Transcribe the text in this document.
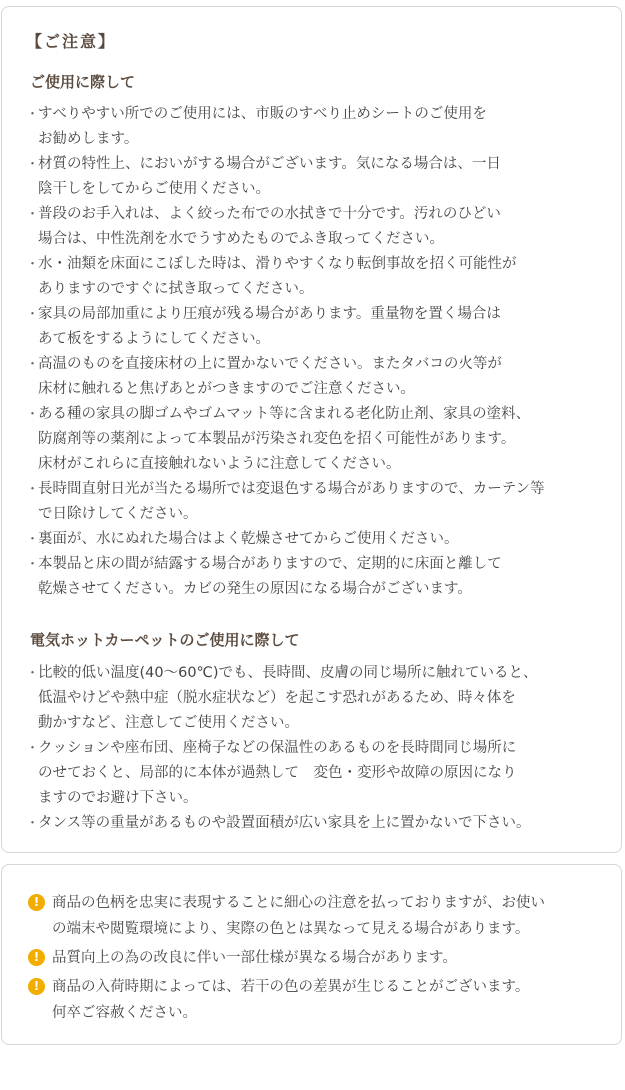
【ご注意】
ご使用に際して
・
すべりやすい所でのご使用には、市販のすべり止めシートのご使用を
お勧めします。
・
材質の特性上、においがする場合がございます。気になる場合は、一日
陰干しをしてからご使用ください。
・
普段のお手入れは、よく絞った布での水拭きで十分です。汚れのひどい
場合は、中性洗剤を水でうすめたものでふき取ってください。
・
水・油類を床面にこぼした時は、滑りやすくなり転倒事故を招く可能性が
ありますのですぐに拭き取ってください。
・
家具の局部加重により圧痕が残る場合があります。重量物を置く場合は
あて板をするようにしてください。
・
高温のものを直接床材の上に置かないでください。またタバコの火等が
床材に触れると焦げあとがつきますのでご注意ください。
・
ある種の家具の脚ゴムやゴムマット等に含まれる老化防止剤、家具の塗料、
防腐剤等の薬剤によって本製品が汚染され変色を招く可能性があります。
床材がこれらに直接触れないように注意してください。
・
長時間直射日光が当たる場所では変退色する場合がありますので、カーテン等
で日除けしてください。
・
裏面が、水にぬれた場合はよく乾燥させてからご使用ください。
・
本製品と床の間が結露する場合がありますので、定期的に床面と離して
乾燥させてください。カビの発生の原因になる場合がございます。
電気ホットカーペットのご使用に際して
・
比較的低い温度(40～60℃)でも、長時間、皮膚の同じ場所に触れていると、
低温やけどや熱中症（脱水症状など）を起こす恐れがあるため、時々体を
動かすなど、注意してご使用ください。
・
クッションや座布団、座椅子などの保温性のあるものを長時間同じ場所に
のせておくと、局部的に本体が過熱して　変色・変形や故障の原因になり
ますのでお避け下さい。
・
タンス等の重量があるものや設置面積が広い家具を上に置かないで下さい。
! 商品の色柄を忠実に表現することに細心の注意を払っておりますが、お使い
の端末や閲覧環境により、実際の色とは異なって見える場合があります。
! 品質向上の為の改良に伴い一部仕様が異なる場合があります。
! 商品の入荷時期によっては、若干の色の差異が生じることがございます。
何卒ご容赦ください。
